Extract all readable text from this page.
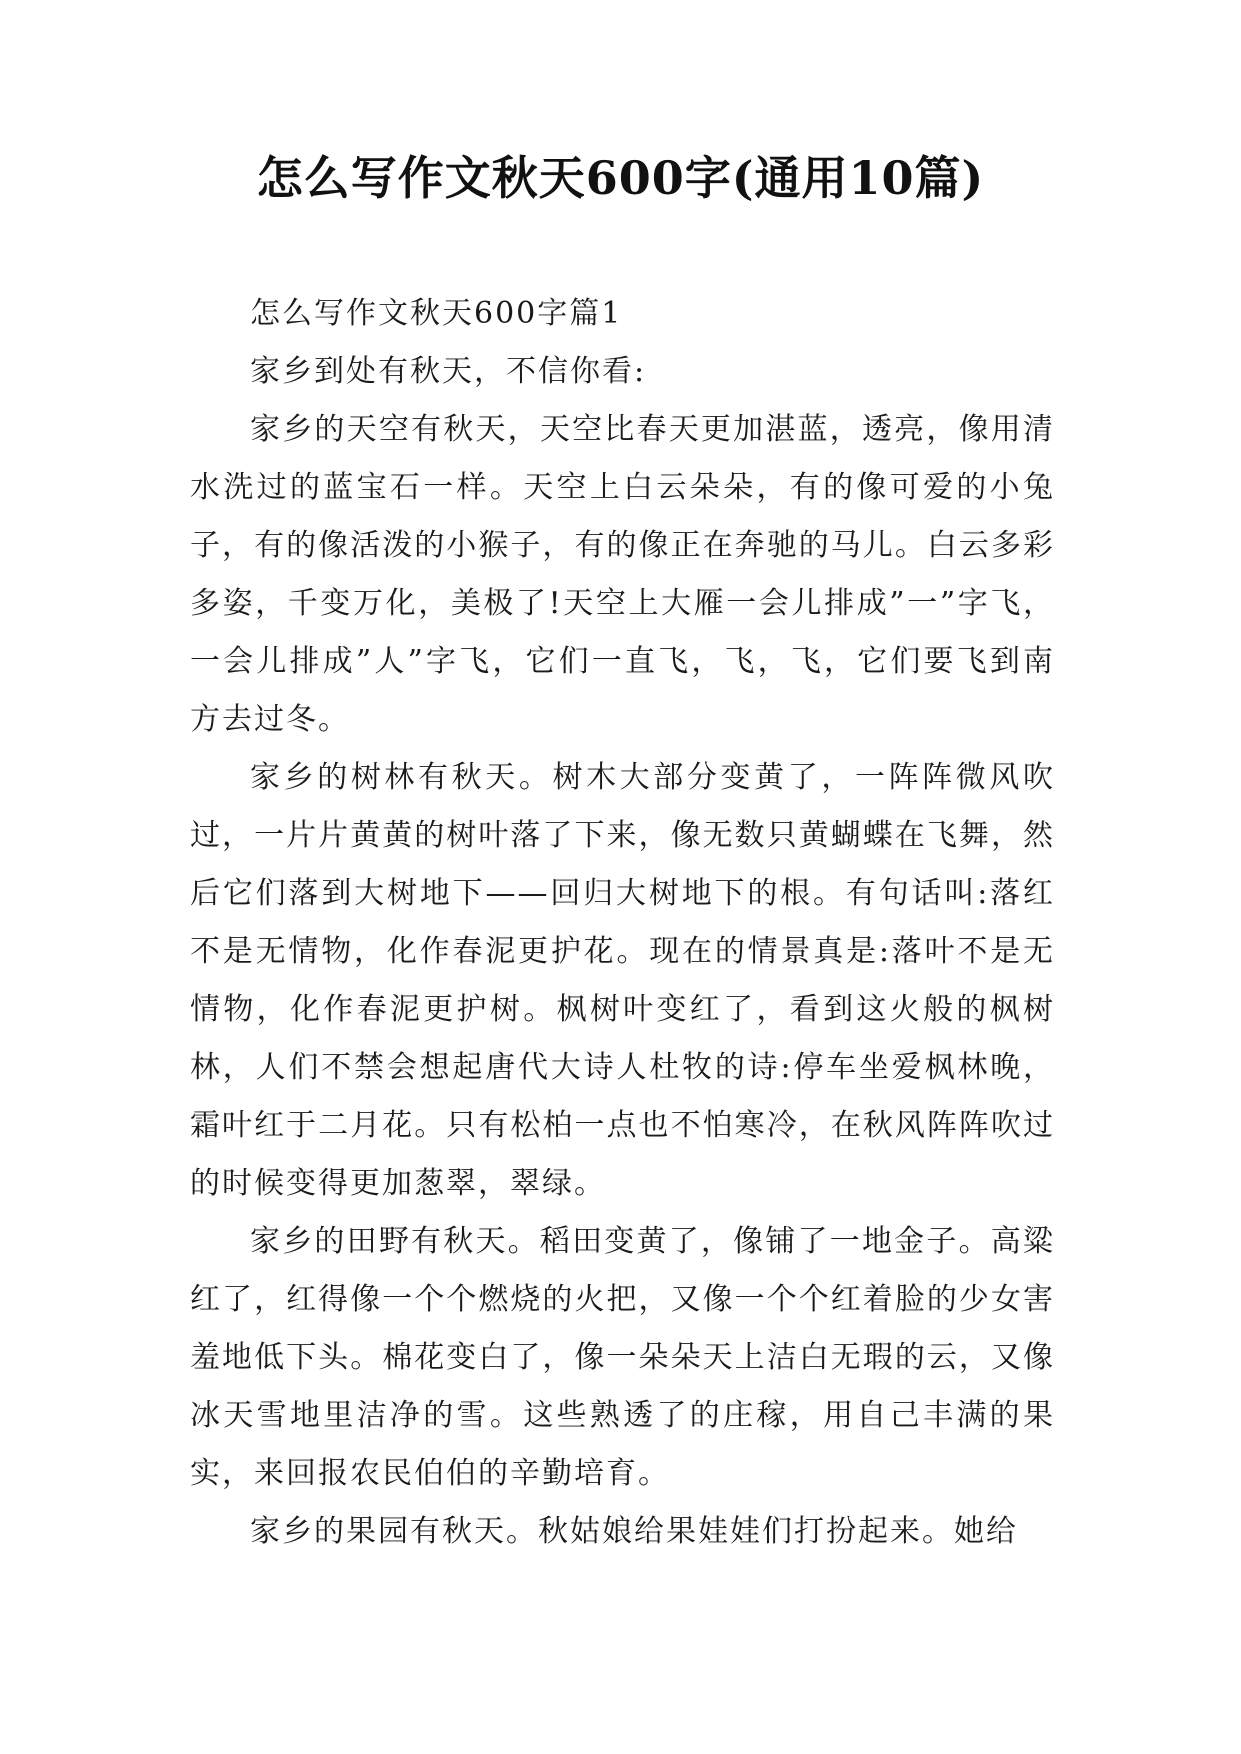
怎么写作文秋天600字(通用10篇)

怎么写作文秋天600字篇1

家乡到处有秋天，不信你看:

家乡的天空有秋天，天空比春天更加湛蓝，透亮，像用清水洗过的蓝宝石一样。天空上白云朵朵，有的像可爱的小兔子，有的像活泼的小猴子，有的像正在奔驰的马儿。白云多彩多姿，千变万化，美极了!天空上大雁一会儿排成”一”字飞，一会儿排成”人”字飞，它们一直飞，飞，飞，它们要飞到南方去过冬。

家乡的树林有秋天。树木大部分变黄了，一阵阵微风吹过，一片片黄黄的树叶落了下来，像无数只黄蝴蝶在飞舞，然后它们落到大树地下——回归大树地下的根。有句话叫:落红不是无情物，化作春泥更护花。现在的情景真是:落叶不是无情物，化作春泥更护树。枫树叶变红了，看到这火般的枫树林，人们不禁会想起唐代大诗人杜牧的诗:停车坐爱枫林晚，霜叶红于二月花。只有松柏一点也不怕寒冷，在秋风阵阵吹过的时候变得更加葱翠，翠绿。

家乡的田野有秋天。稻田变黄了，像铺了一地金子。高粱红了，红得像一个个燃烧的火把，又像一个个红着脸的少女害羞地低下头。棉花变白了，像一朵朵天上洁白无瑕的云，又像冰天雪地里洁净的雪。这些熟透了的庄稼，用自己丰满的果实，来回报农民伯伯的辛勤培育。

家乡的果园有秋天。秋姑娘给果娃娃们打扮起来。她给
